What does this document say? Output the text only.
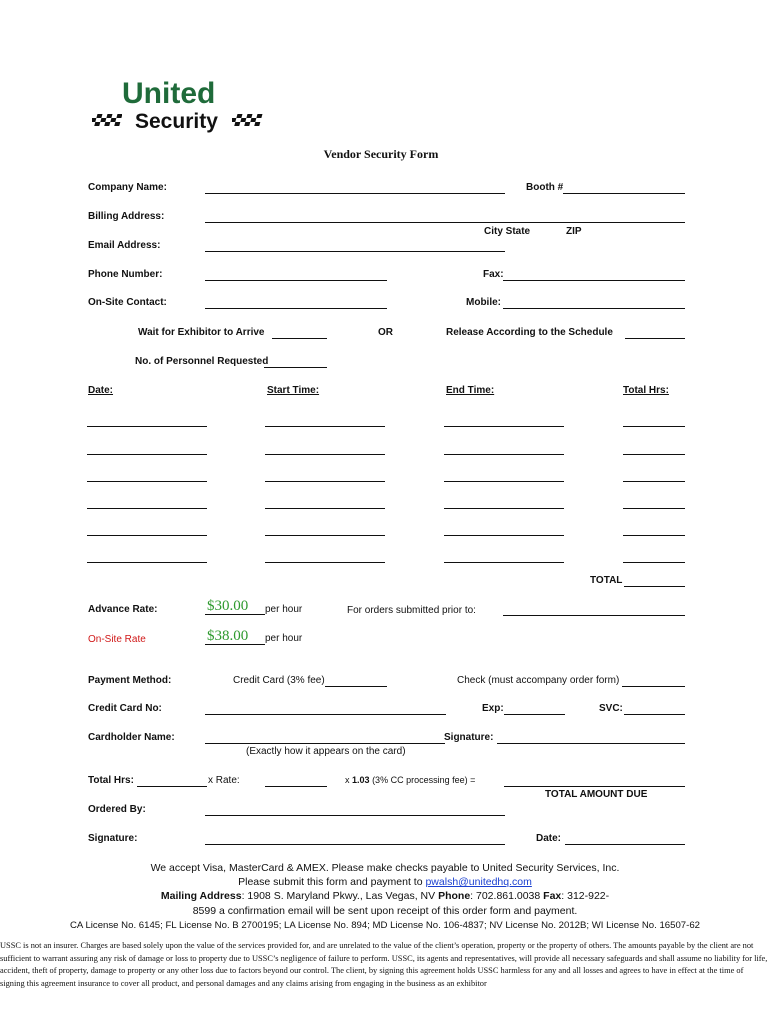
United
Security
Vendor Security Form
Company Name:	Booth #
Billing Address:
City State	ZIP
Email Address:
Phone Number:	Fax:
On-Site Contact:	Mobile:
Wait for Exhibitor to Arrive	OR	Release According to the Schedule
No. of Personnel Requested
Date:	Start Time:	End Time:	Total Hrs:
TOTAL
Advance Rate:	$30.00 per hour	For orders submitted prior to:
On-Site Rate	$38.00 per hour
Payment Method:	Credit Card (3% fee)	Check (must accompany order form)
Credit Card No:	Exp:	SVC:
Cardholder Name:	Signature:
(Exactly how it appears on the card)
Total Hrs:	x Rate:	x 1.03 (3% CC processing fee) =
TOTAL AMOUNT DUE
Ordered By:
Signature:	Date:
We accept Visa, MasterCard & AMEX. Please make checks payable to United Security Services, Inc.
Please submit this form and payment to pwalsh@unitedhq.com
Mailing Address: 1908 S. Maryland Pkwy., Las Vegas, NV Phone: 702.861.0038 Fax: 312-922-
8599 a confirmation email will be sent upon receipt of this order form and payment.
CA License No. 6145; FL License No. B 2700195; LA License No. 894; MD License No. 106-4837; NV License No. 2012B; WI License No. 16507-62
USSC is not an insurer. Charges are based solely upon the value of the services provided for, and are unrelated to the value of the client’s operation, property or the property of others. The amounts payable by the client are not sufficient to warrant assuring any risk of damage or loss to property due to USSC’s negligence of failure to perform. USSC, its agents and representatives, will provide all necessary safeguards and shall assume no liability for life, accident, theft of property, damage to property or any other loss due to factors beyond our control. The client, by signing this agreement holds USSC harmless for any and all losses and agrees to have in effect at the time of signing this agreement insurance to cover all product, and personal damages and any claims arising from engaging in the business as an exhibitor
